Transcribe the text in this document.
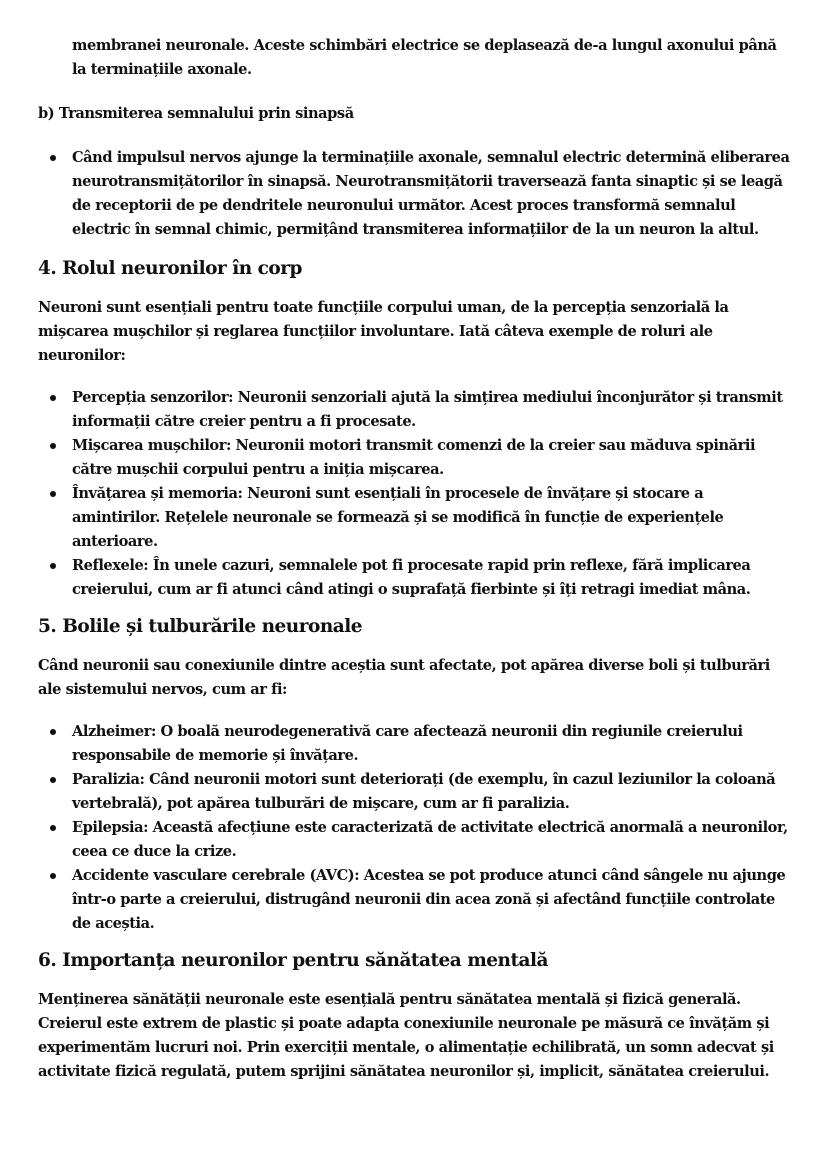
membranei neuronale. Aceste schimbări electrice se deplasează de-a lungul axonului până la terminațiile axonale.

b) Transmiterea semnalului prin sinapsă
Când impulsul nervos ajunge la terminațiile axonale, semnalul electric determină eliberarea neurotransmițătorilor în sinapsă. Neurotransmițătorii traversează fanta sinaptic și se leagă de receptorii de pe dendritele neuronului următor. Acest proces transformă semnalul electric în semnal chimic, permițând transmiterea informațiilor de la un neuron la altul.
4. Rolul neuronilor în corp

Neuroni sunt esențiali pentru toate funcțiile corpului uman, de la percepția senzorială la mișcarea mușchilor și reglarea funcțiilor involuntare. Iată câteva exemple de roluri ale neuronilor:

Percepția senzorilor: Neuronii senzoriali ajută la simțirea mediului înconjurător și transmit informații către creier pentru a fi procesate.
Mișcarea mușchilor: Neuronii motori transmit comenzi de la creier sau măduva spinării către mușchii corpului pentru a iniția mișcarea.
Învățarea și memoria: Neuroni sunt esențiali în procesele de învățare și stocare a amintirilor. Rețelele neuronale se formează și se modifică în funcție de experiențele anterioare.
Reflexele: În unele cazuri, semnalele pot fi procesate rapid prin reflexe, fără implicarea creierului, cum ar fi atunci când atingi o suprafață fierbinte și îți retragi imediat mâna.
5. Bolile și tulburările neuronale

Când neuronii sau conexiunile dintre aceștia sunt afectate, pot apărea diverse boli și tulburări ale sistemului nervos, cum ar fi:

Alzheimer: O boală neurodegenerativă care afectează neuronii din regiunile creierului responsabile de memorie și învățare.
Paralizia: Când neuronii motori sunt deteriorați (de exemplu, în cazul leziunilor la coloană vertebrală), pot apărea tulburări de mișcare, cum ar fi paralizia.
Epilepsia: Această afecțiune este caracterizată de activitate electrică anormală a neuronilor, ceea ce duce la crize.
Accidente vasculare cerebrale (AVC): Acestea se pot produce atunci când sângele nu ajunge într-o parte a creierului, distrugând neuronii din acea zonă și afectând funcțiile controlate de aceștia.
6. Importanța neuronilor pentru sănătatea mentală

Menținerea sănătății neuronale este esențială pentru sănătatea mentală și fizică generală. Creierul este extrem de plastic și poate adapta conexiunile neuronale pe măsură ce învățăm și experimentăm lucruri noi. Prin exerciții mentale, o alimentație echilibrată, un somn adecvat și activitate fizică regulată, putem sprijini sănătatea neuronilor și, implicit, sănătatea creierului.
